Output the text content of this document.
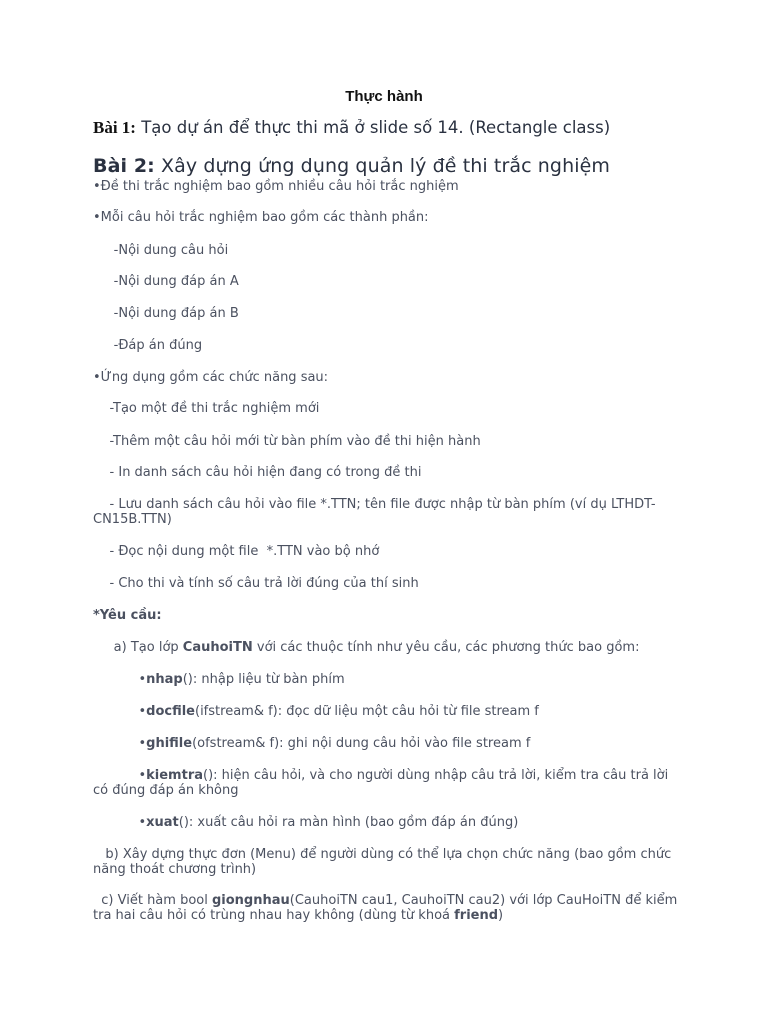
Thực hành
Bài 1: Tạo dự án để thực thi mã ở slide số 14. (Rectangle class)
Bài 2: Xây dựng ứng dụng quản lý đề thi trắc nghiệm
•Đề thi trắc nghiệm bao gồm nhiều câu hỏi trắc nghiệm
•Mỗi câu hỏi trắc nghiệm bao gồm các thành phần:
-Nội dung câu hỏi
-Nội dung đáp án A
-Nội dung đáp án B
-Đáp án đúng
•Ứng dụng gồm các chức năng sau:
-Tạo một đề thi trắc nghiệm mới
-Thêm một câu hỏi mới từ bàn phím vào đề thi hiện hành
- In danh sách câu hỏi hiện đang có trong đề thi
- Lưu danh sách câu hỏi vào file *.TTN; tên file được nhập từ bàn phím (ví dụ LTHDT-CN15B.TTN)
- Đọc nội dung một file  *.TTN vào bộ nhớ
- Cho thi và tính số câu trả lời đúng của thí sinh
*Yêu cầu:
a) Tạo lớp CauhoiTN với các thuộc tính như yêu cầu, các phương thức bao gồm:
•nhap(): nhập liệu từ bàn phím
•docfile(ifstream& f): đọc dữ liệu một câu hỏi từ file stream f
•ghifile(ofstream& f): ghi nội dung câu hỏi vào file stream f
•kiemtra(): hiện câu hỏi, và cho người dùng nhập câu trả lời, kiểm tra câu trả lời có đúng đáp án không
•xuat(): xuất câu hỏi ra màn hình (bao gồm đáp án đúng)
b) Xây dựng thực đơn (Menu) để người dùng có thể lựa chọn chức năng (bao gồm chức năng thoát chương trình)
c) Viết hàm bool giongnhau(CauhoiTN cau1, CauhoiTN cau2) với lớp CauHoiTN để kiểm tra hai câu hỏi có trùng nhau hay không (dùng từ khoá friend)
